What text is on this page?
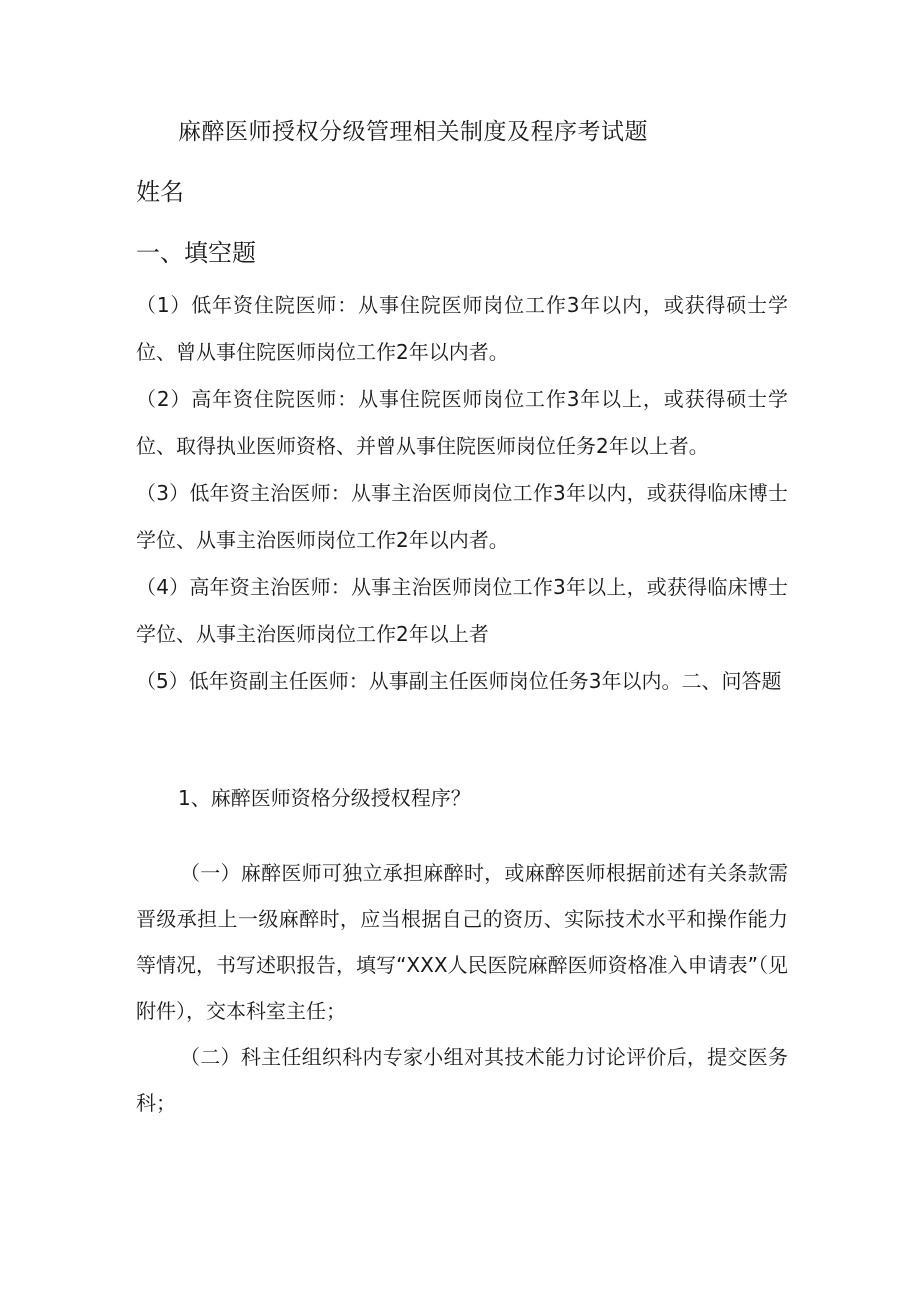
麻醉医师授权分级管理相关制度及程序考试题
姓名
一、填空题

（1）低年资住院医师：从事住院医师岗位工作3年以内，或获得硕士学位、曾从事住院医师岗位工作2年以内者。

（2）高年资住院医师：从事住院医师岗位工作3年以上，或获得硕士学位、取得执业医师资格、并曾从事住院医师岗位任务2年以上者。

（3）低年资主治医师：从事主治医师岗位工作3年以内，或获得临床博士学位、从事主治医师岗位工作2年以内者。

（4）高年资主治医师：从事主治医师岗位工作3年以上，或获得临床博士学位、从事主治医师岗位工作2年以上者

（5）低年资副主任医师：从事副主任医师岗位任务3年以内。二、问答题

1、麻醉医师资格分级授权程序？

（一）麻醉医师可独立承担麻醉时，或麻醉医师根据前述有关条款需晋级承担上一级麻醉时，应当根据自己的资历、实际技术水平和操作能力等情况，书写述职报告，填写“XXX人民医院麻醉医师资格准入申请表”（见附件），交本科室主任；

（二）科主任组织科内专家小组对其技术能力讨论评价后，提交医务科；
